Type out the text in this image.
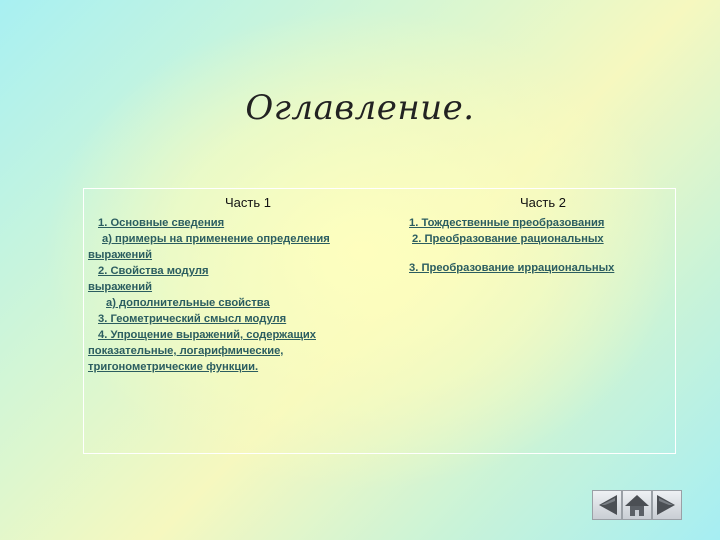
Оглавление.
Часть 1
1. Основные сведения
а) примеры на применение определения
выражений
2. Свойства модуля
выражений
а) дополнительные свойства
3. Геометрический смысл модуля
4. Упрощение выражений, содержащих
показательные, логарифмические,
тригонометрические функции.
Часть 2
1. Тождественные преобразования
2. Преобразование рациональных
3. Преобразование иррациональных
